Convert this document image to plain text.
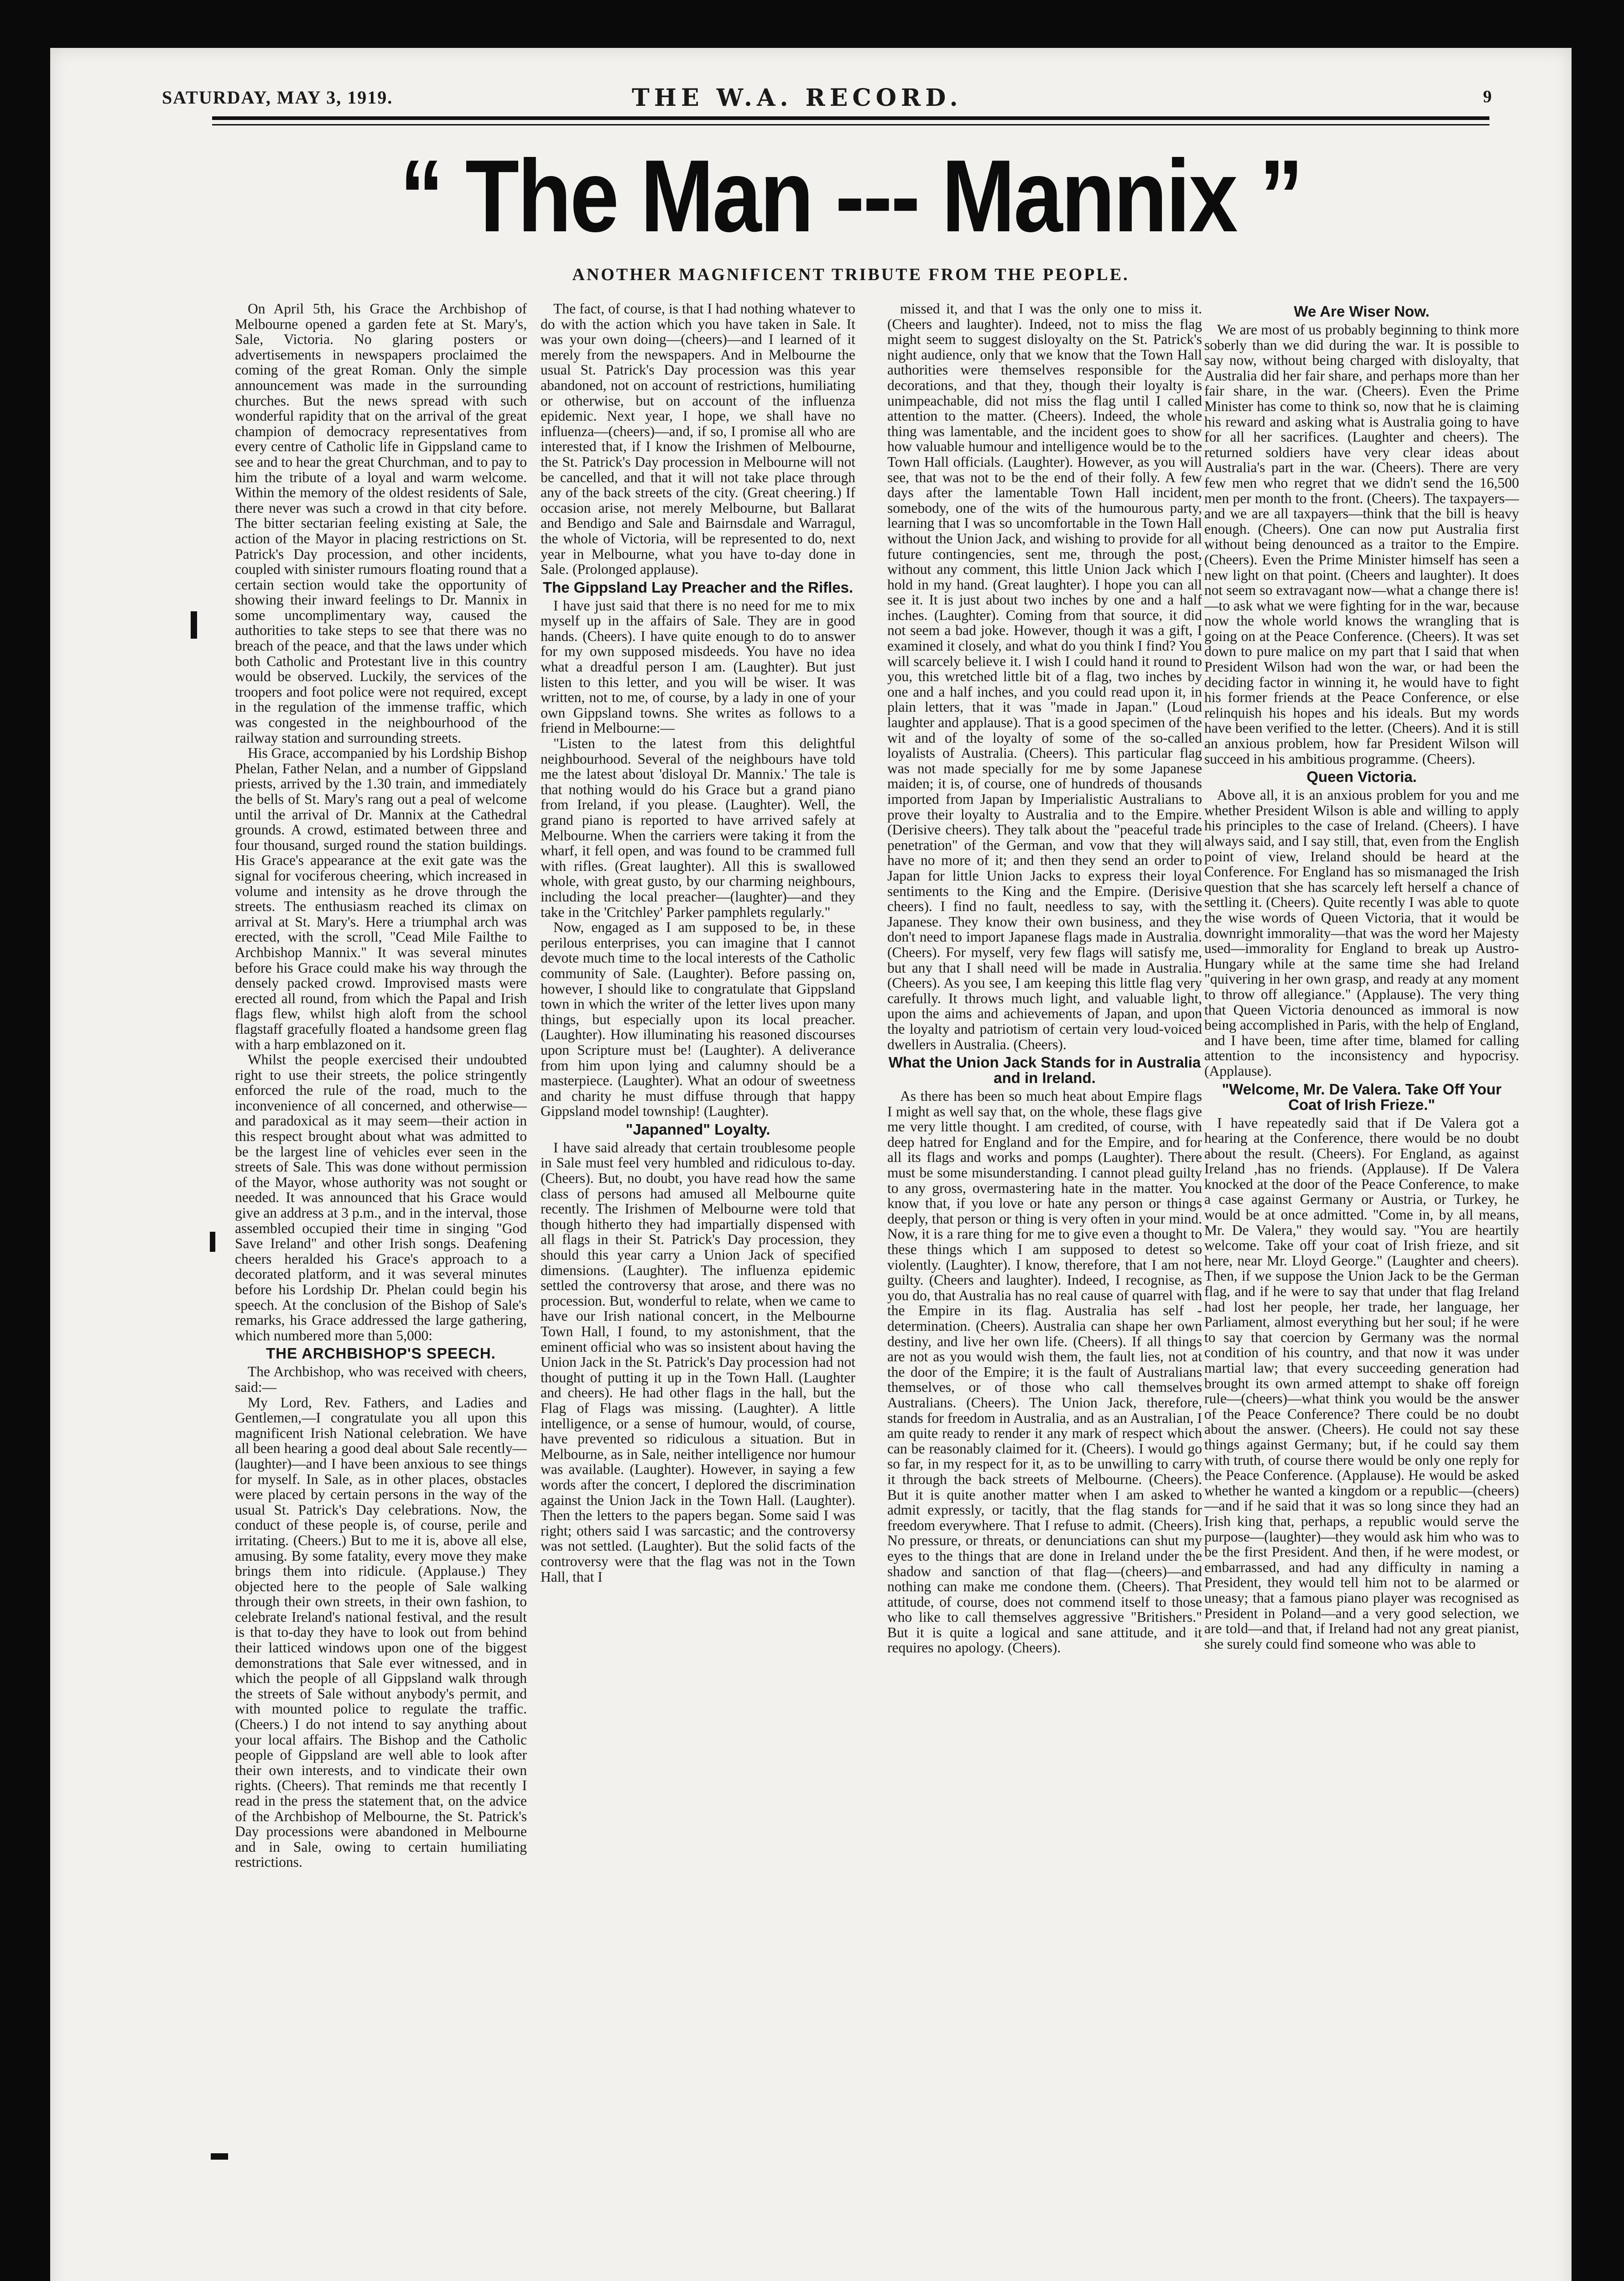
SATURDAY, MAY 3, 1919.	THE W.A. RECORD.	9
“ The Man --- Mannix ”
ANOTHER MAGNIFICENT TRIBUTE FROM THE PEOPLE.

On April 5th, his Grace the Archbishop of Melbourne opened a garden fete at St. Mary's, Sale, Victoria. No glaring posters or advertisements in newspapers proclaimed the coming of the great Roman. Only the simple announcement was made in the surrounding churches. But the news spread with such wonderful rapidity that on the arrival of the great champion of democracy representatives from every centre of Catholic life in Gippsland came to see and to hear the great Churchman, and to pay to him the tribute of a loyal and warm welcome. Within the memory of the oldest residents of Sale, there never was such a crowd in that city before. The bitter sectarian feeling existing at Sale, the action of the Mayor in placing restrictions on St. Patrick's Day procession, and other incidents, coupled with sinister rumours floating round that a certain section would take the opportunity of showing their inward feelings to Dr. Mannix in some uncomplimentary way, caused the authorities to take steps to see that there was no breach of the peace, and that the laws under which both Catholic and Protestant live in this country would be observed. Luckily, the services of the troopers and foot police were not required, except in the regulation of the immense traffic, which was congested in the neighbourhood of the railway station and surrounding streets.

His Grace, accompanied by his Lordship Bishop Phelan, Father Nelan, and a number of Gippsland priests, arrived by the 1.30 train, and immediately the bells of St. Mary's rang out a peal of welcome until the arrival of Dr. Mannix at the Cathedral grounds. A crowd, estimated between three and four thousand, surged round the station buildings. His Grace's appearance at the exit gate was the signal for vociferous cheering, which increased in volume and intensity as he drove through the streets. The enthusiasm reached its climax on arrival at St. Mary's. Here a triumphal arch was erected, with the scroll, "Cead Mile Failthe to Archbishop Mannix." It was several minutes before his Grace could make his way through the densely packed crowd. Improvised masts were erected all round, from which the Papal and Irish flags flew, whilst high aloft from the school flagstaff gracefully floated a handsome green flag with a harp emblazoned on it.

Whilst the people exercised their undoubted right to use their streets, the police stringently enforced the rule of the road, much to the inconvenience of all concerned, and otherwise—and paradoxical as it may seem—their action in this respect brought about what was admitted to be the largest line of vehicles ever seen in the streets of Sale. This was done without permission of the Mayor, whose authority was not sought or needed. It was announced that his Grace would give an address at 3 p.m., and in the interval, those assembled occupied their time in singing "God Save Ireland" and other Irish songs. Deafening cheers heralded his Grace's approach to a decorated platform, and it was several minutes before his Lordship Dr. Phelan could begin his speech. At the conclusion of the Bishop of Sale's remarks, his Grace addressed the large gathering, which numbered more than 5,000:

THE ARCHBISHOP'S SPEECH.

The Archbishop, who was received with cheers, said:—

My Lord, Rev. Fathers, and Ladies and Gentlemen,—I congratulate you all upon this magnificent Irish National celebration. We have all been hearing a good deal about Sale recently—(laughter)—and I have been anxious to see things for myself. In Sale, as in other places, obstacles were placed by certain persons in the way of the usual St. Patrick's Day celebrations. Now, the conduct of these people is, of course, perile and irritating. (Cheers.) But to me it is, above all else, amusing. By some fatality, every move they make brings them into ridicule. (Applause.) They objected here to the people of Sale walking through their own streets, in their own fashion, to celebrate Ireland's national festival, and the result is that to-day they have to look out from behind their latticed windows upon one of the biggest demonstrations that Sale ever witnessed, and in which the people of all Gippsland walk through the streets of Sale without anybody's permit, and with mounted police to regulate the traffic. (Cheers.) I do not intend to say anything about your local affairs. The Bishop and the Catholic people of Gippsland are well able to look after their own interests, and to vindicate their own rights. (Cheers). That reminds me that recently I read in the press the statement that, on the advice of the Archbishop of Melbourne, the St. Patrick's Day processions were abandoned in Melbourne and in Sale, owing to certain humiliating restrictions.

The fact, of course, is that I had nothing whatever to do with the action which you have taken in Sale. It was your own doing—(cheers)—and I learned of it merely from the newspapers. And in Melbourne the usual St. Patrick's Day procession was this year abandoned, not on account of restrictions, humiliating or otherwise, but on account of the influenza epidemic. Next year, I hope, we shall have no influenza—(cheers)—and, if so, I promise all who are interested that, if I know the Irishmen of Melbourne, the St. Patrick's Day procession in Melbourne will not be cancelled, and that it will not take place through any of the back streets of the city. (Great cheering.) If occasion arise, not merely Melbourne, but Ballarat and Bendigo and Sale and Bairnsdale and Warragul, the whole of Victoria, will be represented to do, next year in Melbourne, what you have to-day done in Sale. (Prolonged applause).

The Gippsland Lay Preacher and the Rifles.

I have just said that there is no need for me to mix myself up in the affairs of Sale. They are in good hands. (Cheers). I have quite enough to do to answer for my own supposed misdeeds. You have no idea what a dreadful person I am. (Laughter). But just listen to this letter, and you will be wiser. It was written, not to me, of course, by a lady in one of your own Gippsland towns. She writes as follows to a friend in Melbourne:—

"Listen to the latest from this delightful neighbourhood. Several of the neighbours have told me the latest about 'disloyal Dr. Mannix.' The tale is that nothing would do his Grace but a grand piano from Ireland, if you please. (Laughter). Well, the grand piano is reported to have arrived safely at Melbourne. When the carriers were taking it from the wharf, it fell open, and was found to be crammed full with rifles. (Great laughter). All this is swallowed whole, with great gusto, by our charming neighbours, including the local preacher—(laughter)—and they take in the 'Critchley' Parker pamphlets regularly."

Now, engaged as I am supposed to be, in these perilous enterprises, you can imagine that I cannot devote much time to the local interests of the Catholic community of Sale. (Laughter). Before passing on, however, I should like to congratulate that Gippsland town in which the writer of the letter lives upon many things, but especially upon its local preacher. (Laughter). How illuminating his reasoned discourses upon Scripture must be! (Laughter). A deliverance from him upon lying and calumny should be a masterpiece. (Laughter). What an odour of sweetness and charity he must diffuse through that happy Gippsland model township! (Laughter).

"Japanned" Loyalty.

I have said already that certain troublesome people in Sale must feel very humbled and ridiculous to-day. (Cheers). But, no doubt, you have read how the same class of persons had amused all Melbourne quite recently. The Irishmen of Melbourne were told that though hitherto they had impartially dispensed with all flags in their St. Patrick's Day procession, they should this year carry a Union Jack of specified dimensions. (Laughter). The influenza epidemic settled the controversy that arose, and there was no procession. But, wonderful to relate, when we came to have our Irish national concert, in the Melbourne Town Hall, I found, to my astonishment, that the eminent official who was so insistent about having the Union Jack in the St. Patrick's Day procession had not thought of putting it up in the Town Hall. (Laughter and cheers). He had other flags in the hall, but the Flag of Flags was missing. (Laughter). A little intelligence, or a sense of humour, would, of course, have prevented so ridiculous a situation. But in Melbourne, as in Sale, neither intelligence nor humour was available. (Laughter). However, in saying a few words after the concert, I deplored the discrimination against the Union Jack in the Town Hall. (Laughter). Then the letters to the papers began. Some said I was right; others said I was sarcastic; and the controversy was not settled. (Laughter). But the solid facts of the controversy were that the flag was not in the Town Hall, that I

missed it, and that I was the only one to miss it. (Cheers and laughter). Indeed, not to miss the flag might seem to suggest disloyalty on the St. Patrick's night audience, only that we know that the Town Hall authorities were themselves responsible for the decorations, and that they, though their loyalty is unimpeachable, did not miss the flag until I called attention to the matter. (Cheers). Indeed, the whole thing was lamentable, and the incident goes to show how valuable humour and intelligence would be to the Town Hall officials. (Laughter). However, as you will see, that was not to be the end of their folly. A few days after the lamentable Town Hall incident, somebody, one of the wits of the humourous party, learning that I was so uncomfortable in the Town Hall without the Union Jack, and wishing to provide for all future contingencies, sent me, through the post, without any comment, this little Union Jack which I hold in my hand. (Great laughter). I hope you can all see it. It is just about two inches by one and a half inches. (Laughter). Coming from that source, it did not seem a bad joke. However, though it was a gift, I examined it closely, and what do you think I find? You will scarcely believe it. I wish I could hand it round to you, this wretched little bit of a flag, two inches by one and a half inches, and you could read upon it, in plain letters, that it was "made in Japan." (Loud laughter and applause). That is a good specimen of the wit and of the loyalty of some of the so-called loyalists of Australia. (Cheers). This particular flag was not made specially for me by some Japanese maiden; it is, of course, one of hundreds of thousands imported from Japan by Imperialistic Australians to prove their loyalty to Australia and to the Empire. (Derisive cheers). They talk about the "peaceful trade penetration" of the German, and vow that they will have no more of it; and then they send an order to Japan for little Union Jacks to express their loyal sentiments to the King and the Empire. (Derisive cheers). I find no fault, needless to say, with the Japanese. They know their own business, and they don't need to import Japanese flags made in Australia. (Cheers). For myself, very few flags will satisfy me, but any that I shall need will be made in Australia. (Cheers). As you see, I am keeping this little flag very carefully. It throws much light, and valuable light, upon the aims and achievements of Japan, and upon the loyalty and patriotism of certain very loud-voiced dwellers in Australia. (Cheers).

What the Union Jack Stands for in Australia and in Ireland.

As there has been so much heat about Empire flags I might as well say that, on the whole, these flags give me very little thought. I am credited, of course, with deep hatred for England and for the Empire, and for all its flags and works and pomps (Laughter). There must be some misunderstanding. I cannot plead guilty to any gross, overmastering hate in the matter. You know that, if you love or hate any person or things deeply, that person or thing is very often in your mind. Now, it is a rare thing for me to give even a thought to these things which I am supposed to detest so violently. (Laughter). I know, therefore, that I am not guilty. (Cheers and laughter). Indeed, I recognise, as you do, that Australia has no real cause of quarrel with the Empire in its flag. Australia has self - determination. (Cheers). Australia can shape her own destiny, and live her own life. (Cheers). If all things are not as you would wish them, the fault lies, not at the door of the Empire; it is the fault of Australians themselves, or of those who call themselves Australians. (Cheers). The Union Jack, therefore, stands for freedom in Australia, and as an Australian, I am quite ready to render it any mark of respect which can be reasonably claimed for it. (Cheers). I would go so far, in my respect for it, as to be unwilling to carry it through the back streets of Melbourne. (Cheers). But it is quite another matter when I am asked to admit expressly, or tacitly, that the flag stands for freedom everywhere. That I refuse to admit. (Cheers). No pressure, or threats, or denunciations can shut my eyes to the things that are done in Ireland under the shadow and sanction of that flag—(cheers)—and nothing can make me condone them. (Cheers). That attitude, of course, does not commend itself to those who like to call themselves aggressive "Britishers." But it is quite a logical and sane attitude, and it requires no apology. (Cheers).

We Are Wiser Now.

We are most of us probably beginning to think more soberly than we did during the war. It is possible to say now, without being charged with disloyalty, that Australia did her fair share, and perhaps more than her fair share, in the war. (Cheers). Even the Prime Minister has come to think so, now that he is claiming his reward and asking what is Australia going to have for all her sacrifices. (Laughter and cheers). The returned soldiers have very clear ideas about Australia's part in the war. (Cheers). There are very few men who regret that we didn't send the 16,500 men per month to the front. (Cheers). The taxpayers—and we are all taxpayers—think that the bill is heavy enough. (Cheers). One can now put Australia first without being denounced as a traitor to the Empire. (Cheers). Even the Prime Minister himself has seen a new light on that point. (Cheers and laughter). It does not seem so extravagant now—what a change there is!—to ask what we were fighting for in the war, because now the whole world knows the wrangling that is going on at the Peace Conference. (Cheers). It was set down to pure malice on my part that I said that when President Wilson had won the war, or had been the deciding factor in winning it, he would have to fight his former friends at the Peace Conference, or else relinquish his hopes and his ideals. But my words have been verified to the letter. (Cheers). And it is still an anxious problem, how far President Wilson will succeed in his ambitious programme. (Cheers).

Queen Victoria.

Above all, it is an anxious problem for you and me whether President Wilson is able and willing to apply his principles to the case of Ireland. (Cheers). I have always said, and I say still, that, even from the English point of view, Ireland should be heard at the Conference. For England has so mismanaged the Irish question that she has scarcely left herself a chance of settling it. (Cheers). Quite recently I was able to quote the wise words of Queen Victoria, that it would be downright immorality—that was the word her Majesty used—immorality for England to break up Austro-Hungary while at the same time she had Ireland "quivering in her own grasp, and ready at any moment to throw off allegiance." (Applause). The very thing that Queen Victoria denounced as immoral is now being accomplished in Paris, with the help of England, and I have been, time after time, blamed for calling attention to the inconsistency and hypocrisy. (Applause).

"Welcome, Mr. De Valera. Take Off Your Coat of Irish Frieze."

I have repeatedly said that if De Valera got a hearing at the Conference, there would be no doubt about the result. (Cheers). For England, as against Ireland ,has no friends. (Applause). If De Valera knocked at the door of the Peace Conference, to make a case against Germany or Austria, or Turkey, he would be at once admitted. "Come in, by all means, Mr. De Valera," they would say. "You are heartily welcome. Take off your coat of Irish frieze, and sit here, near Mr. Lloyd George." (Laughter and cheers). Then, if we suppose the Union Jack to be the German flag, and if he were to say that under that flag Ireland had lost her people, her trade, her language, her Parliament, almost everything but her soul; if he were to say that coercion by Germany was the normal condition of his country, and that now it was under martial law; that every succeeding generation had brought its own armed attempt to shake off foreign rule—(cheers)—what think you would be the answer of the Peace Conference? There could be no doubt about the answer. (Cheers). He could not say these things against Germany; but, if he could say them with truth, of course there would be only one reply for the Peace Conference. (Applause). He would be asked whether he wanted a kingdom or a republic—(cheers)—and if he said that it was so long since they had an Irish king that, perhaps, a republic would serve the purpose—(laughter)—they would ask him who was to be the first President. And then, if he were modest, or embarrassed, and had any difficulty in naming a President, they would tell him not to be alarmed or uneasy; that a famous piano player was recognised as President in Poland—and a very good selection, we are told—and that, if Ireland had not any great pianist, she surely could find someone who was able to
